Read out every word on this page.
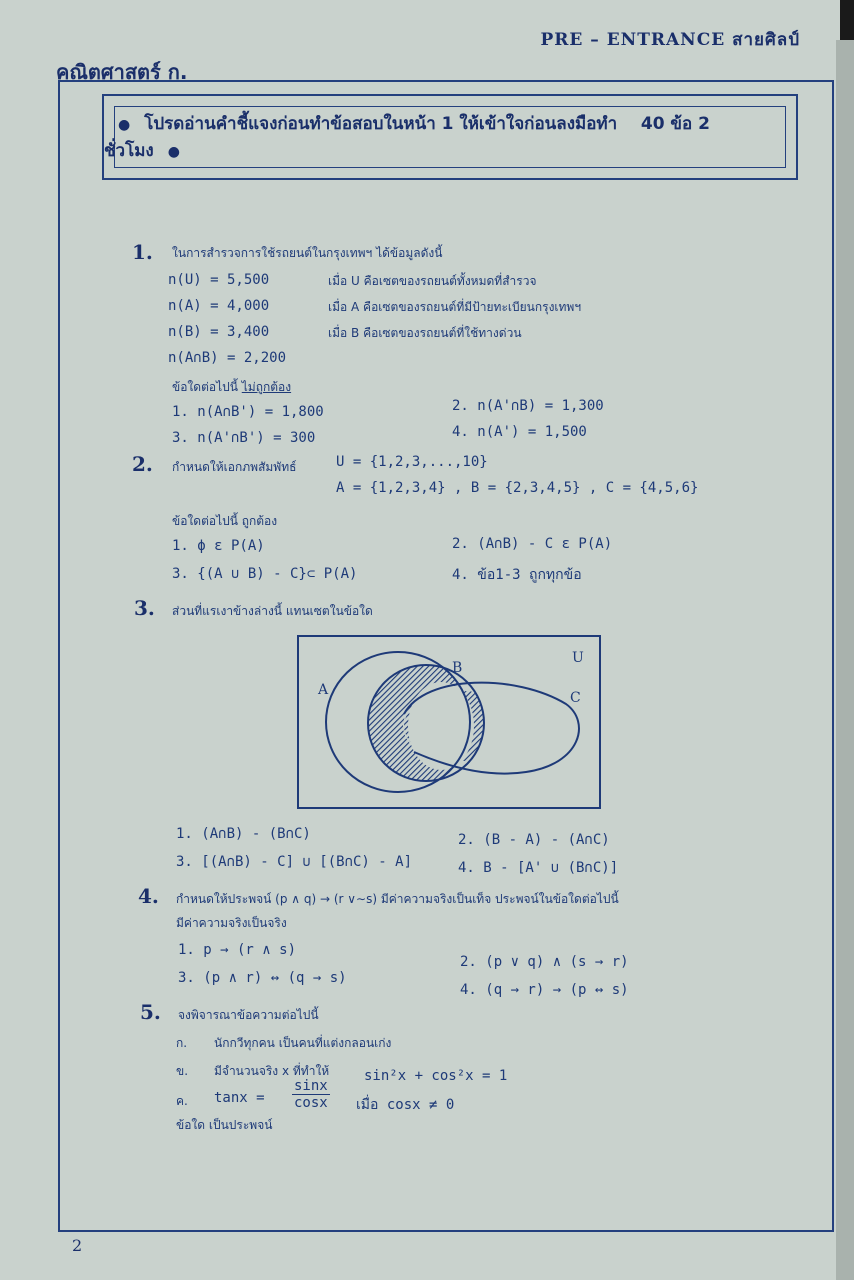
PRE – ENTRANCE สายศิลป์
คณิตศาสตร์ ก.
● โปรดอ่านคำชี้แจงก่อนทำข้อสอบในหน้า 1 ให้เข้าใจก่อนลงมือทำ 40 ข้อ 2 ชั่วโมง ●
1. ในการสำรวจการใช้รถยนต์ในกรุงเทพฯ ได้ข้อมูลดังนี้
n(U) = 5,500	เมื่อ U คือเซตของรถยนต์ทั้งหมดที่สำรวจ
n(A) = 4,000	เมื่อ A คือเซตของรถยนต์ที่มีป้ายทะเบียนกรุงเทพฯ
n(B) = 3,400	เมื่อ B คือเซตของรถยนต์ที่ใช้ทางด่วน
n(A∩B) = 2,200
ข้อใดต่อไปนี้ ไม่ถูกต้อง
1. n(A∩B') = 1,800	2. n(A'∩B) = 1,300
3. n(A'∩B') = 300	4. n(A') = 1,500
2. กำหนดให้เอกภพสัมพัทธ์	U = {1,2,3,...,10}
A = {1,2,3,4} , B = {2,3,4,5} , C = {4,5,6}
ข้อใดต่อไปนี้ ถูกต้อง
1. ϕ ε P(A)	2. (A∩B) - C ε P(A)
3. {(A ∪ B) - C}⊂ P(A)	4. ข้อ1-3 ถูกทุกข้อ
3. ส่วนที่แรเงาข้างล่างนี้ แทนเซตในข้อใด
A
B
C
U
1. (A∩B) - (B∩C)	2. (B - A) - (A∩C)
3. [(A∩B) - C] ∪ [(B∩C) - A]	4. B - [A' ∪ (B∩C)]
4. กำหนดให้ประพจน์ (p ∧ q) → (r ∨∼s) มีค่าความจริงเป็นเท็จ ประพจน์ในข้อใดต่อไปนี้
มีค่าความจริงเป็นจริง
1. p → (r ∧ s)
2. (p ∨ q) ∧ (s → r)
3. (p ∧ r) ↔ (q → s)
4. (q → r) → (p ↔ s)
5. จงพิจารณาข้อความต่อไปนี้
ก. นักกวีทุกคน เป็นคนที่แต่งกลอนเก่ง
ข. มีจำนวนจริง x ที่ทำให้ sin²x + cos²x = 1
ค. $\tan x = \frac{\sin x}{\cos x}$ เมื่อ cosx ≠ 0
ข้อใด เป็นประพจน์
2
